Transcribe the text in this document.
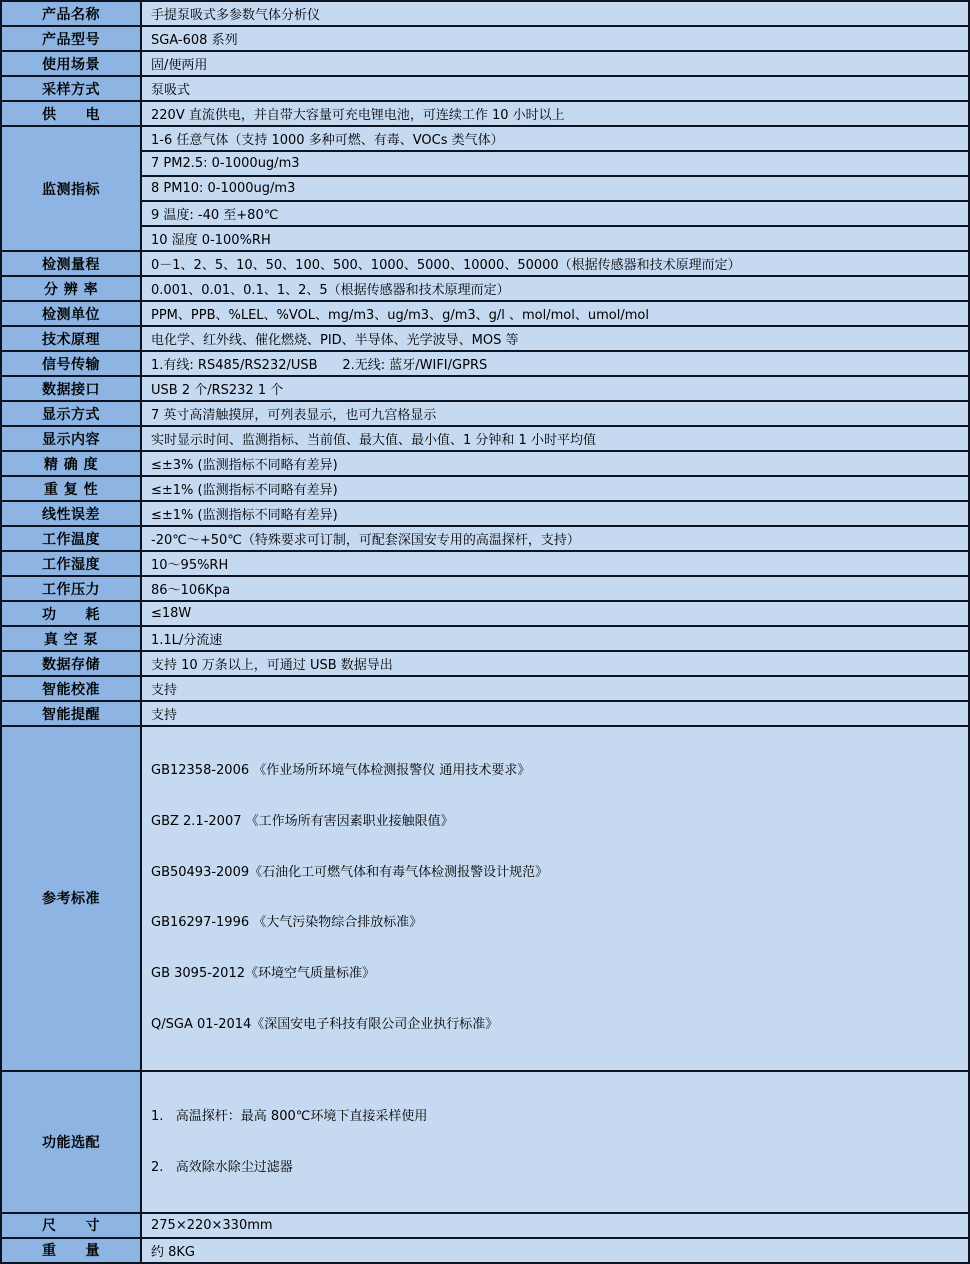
产品名称	手提泵吸式多参数气体分析仪
产品型号	SGA-608 系列
使用场景	固/便两用
采样方式	泵吸式
供　　电	220V 直流供电，并自带大容量可充电锂电池，可连续工作 10 小时以上
监测指标	1-6 任意气体（支持 1000 多种可燃、有毒、VOCs 类气体）
	7 PM2.5: 0-1000ug/m3
	8 PM10: 0-1000ug/m3
	9 温度: -40 至+80℃
	10 湿度 0-100%RH
检测量程	0－1、2、5、10、50、100、500、1000、5000、10000、50000（根据传感器和技术原理而定）
分 辨 率	0.001、0.01、0.1、1、2、5（根据传感器和技术原理而定）
检测单位	PPM、PPB、%LEL、%VOL、mg/m3、ug/m3、g/m3、g/l 、mol/mol、umol/mol
技术原理	电化学、红外线、催化燃烧、PID、半导体、光学波导、MOS 等
信号传输	1.有线: RS485/RS232/USB      2.无线: 蓝牙/WIFI/GPRS
数据接口	USB 2 个/RS232 1 个
显示方式	7 英寸高清触摸屏，可列表显示，也可九宫格显示
显示内容	实时显示时间、监测指标、当前值、最大值、最小值、1 分钟和 1 小时平均值
精 确 度	≤±3% (监测指标不同略有差异)
重 复 性	≤±1% (监测指标不同略有差异)
线性误差	≤±1% (监测指标不同略有差异)
工作温度	-20℃～+50℃（特殊要求可订制，可配套深国安专用的高温探杆，支持）
工作湿度	10～95%RH
工作压力	86～106Kpa
功　　耗	≤18W
真 空 泵	1.1L/分流速
数据存储	支持 10 万条以上，可通过 USB 数据导出
智能校准	支持
智能提醒	支持
参考标准	

GB12358-2006 《作业场所环境气体检测报警仪 通用技术要求》

GBZ 2.1-2007 《工作场所有害因素职业接触限值》

GB50493-2009《石油化工可燃气体和有毒气体检测报警设计规范》

GB16297-1996 《大气污染物综合排放标准》

GB 3095-2012《环境空气质量标准》

Q/SGA 01-2014《深国安电子科技有限公司企业执行标准》

功能选配	1.   高温探杆：最高 800℃环境下直接采样使用

2.   高效除水除尘过滤器

尺　　寸	275×220×330mm
重　　量	约 8KG
